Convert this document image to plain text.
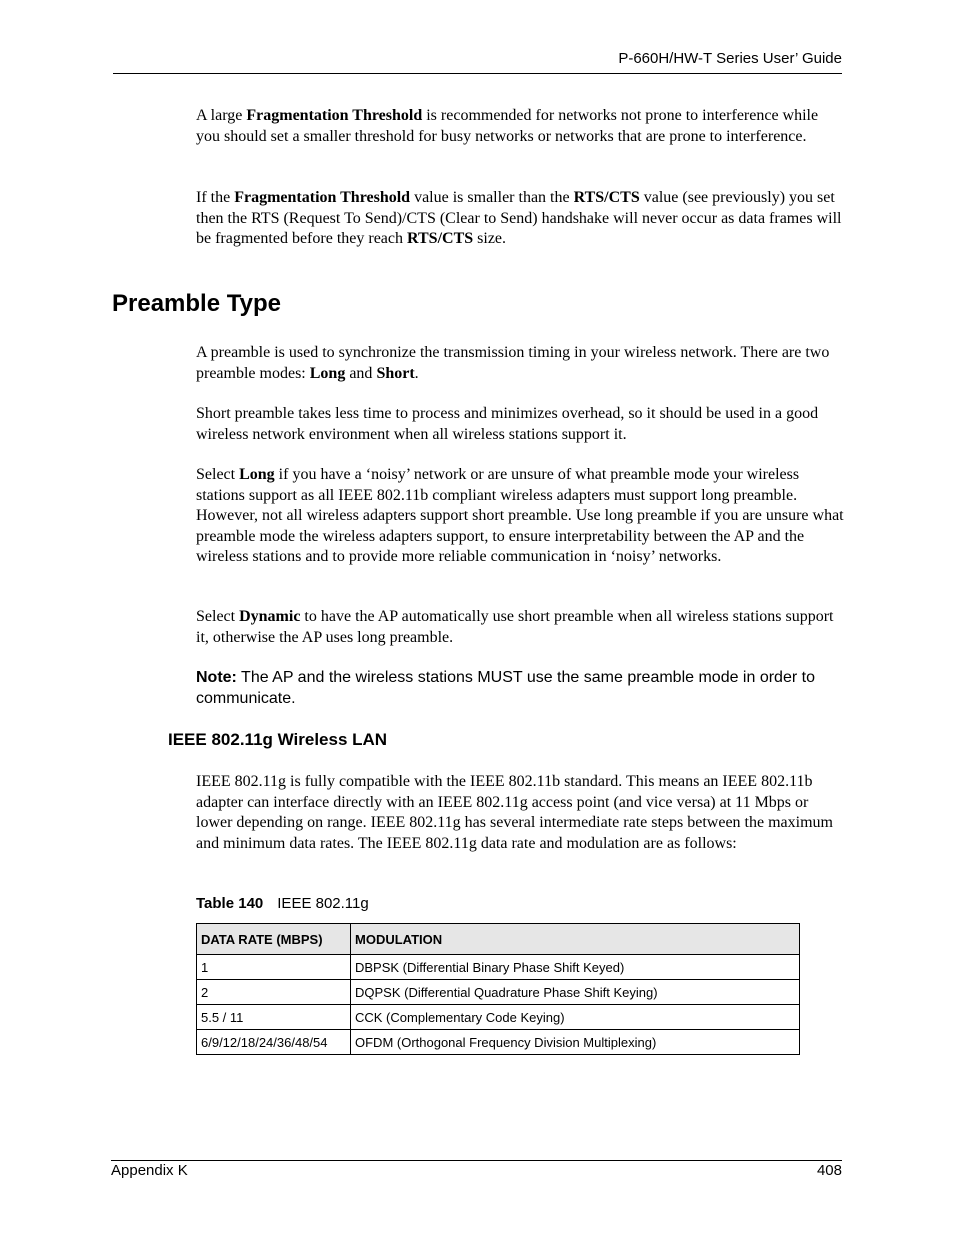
P-660H/HW-T Series User’ Guide

A large Fragmentation Threshold is recommended for networks not prone to interference while you should set a smaller threshold for busy networks or networks that are prone to interference.

If the Fragmentation Threshold value is smaller than the RTS/CTS value (see previously) you set then the RTS (Request To Send)/CTS (Clear to Send) handshake will never occur as data frames will be fragmented before they reach RTS/CTS size.

Preamble Type

A preamble is used to synchronize the transmission timing in your wireless network. There are two preamble modes: Long and Short.

Short preamble takes less time to process and minimizes overhead, so it should be used in a good wireless network environment when all wireless stations support it.

Select Long if you have a ‘noisy’ network or are unsure of what preamble mode your wireless stations support as all IEEE 802.11b compliant wireless adapters must support long preamble. However, not all wireless adapters support short preamble. Use long preamble if you are unsure what preamble mode the wireless adapters support, to ensure interpretability between the AP and the wireless stations and to provide more reliable communication in ‘noisy’ networks.

Select Dynamic to have the AP automatically use short preamble when all wireless stations support it, otherwise the AP uses long preamble.

Note: The AP and the wireless stations MUST use the same preamble mode in order to communicate.

IEEE 802.11g Wireless LAN

IEEE 802.11g is fully compatible with the IEEE 802.11b standard. This means an IEEE 802.11b adapter can interface directly with an IEEE 802.11g access point (and vice versa) at 11 Mbps or lower depending on range. IEEE 802.11g has several intermediate rate steps between the maximum and minimum data rates. The IEEE 802.11g data rate and modulation are as follows:

Table 140 IEEE 802.11g

DATA RATE (MBPS)	MODULATION
1	DBPSK (Differential Binary Phase Shift Keyed)
2	DQPSK (Differential Quadrature Phase Shift Keying)
5.5 / 11	CCK (Complementary Code Keying)
6/9/12/18/24/36/48/54	OFDM (Orthogonal Frequency Division Multiplexing)
Appendix K	408
